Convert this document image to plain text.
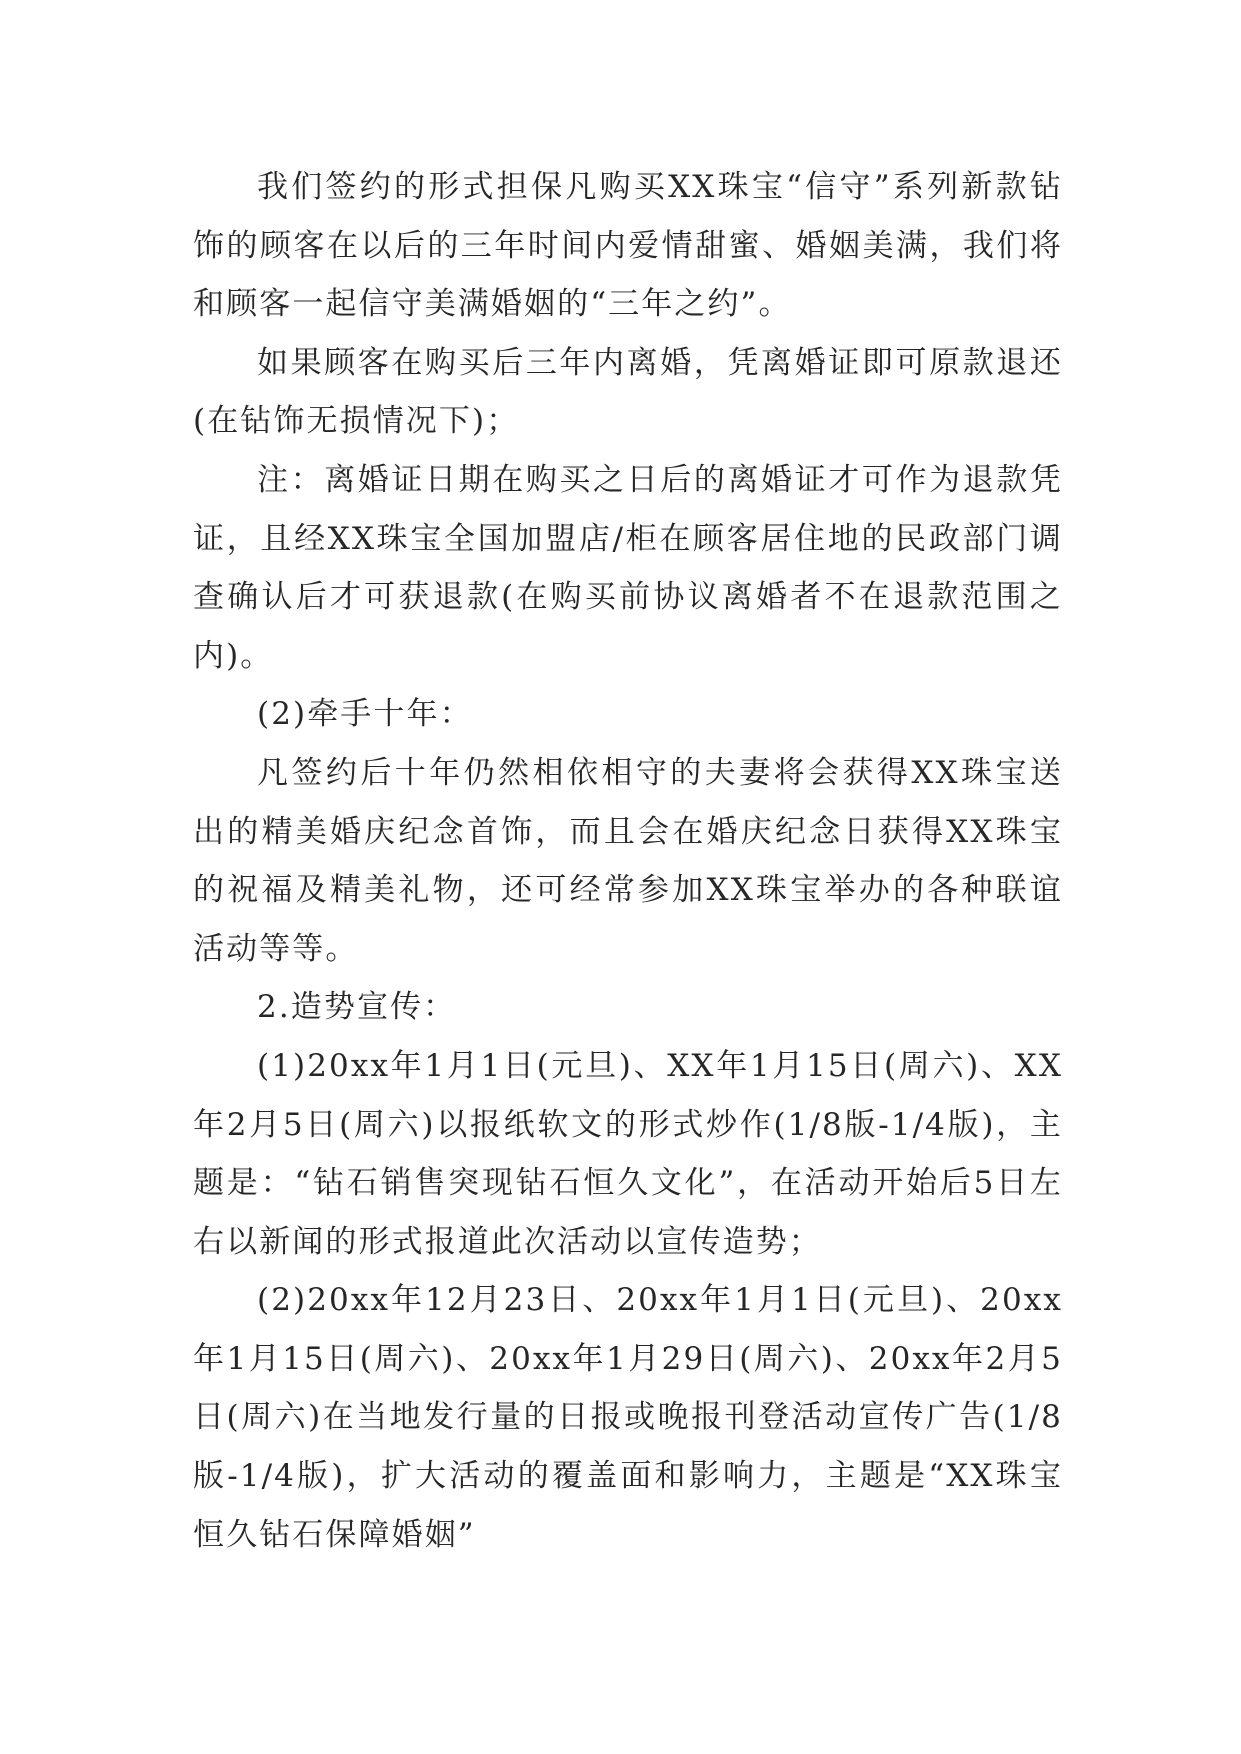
我们签约的形式担保凡购买XX珠宝“信守”系列新款钻饰的顾客在以后的三年时间内爱情甜蜜、婚姻美满，我们将和顾客一起信守美满婚姻的“三年之约”。

如果顾客在购买后三年内离婚，凭离婚证即可原款退还(在钻饰无损情况下)；

注：离婚证日期在购买之日后的离婚证才可作为退款凭证，且经XX珠宝全国加盟店/柜在顾客居住地的民政部门调查确认后才可获退款(在购买前协议离婚者不在退款范围之内)。

(2)牵手十年：

凡签约后十年仍然相依相守的夫妻将会获得XX珠宝送出的精美婚庆纪念首饰，而且会在婚庆纪念日获得XX珠宝的祝福及精美礼物，还可经常参加XX珠宝举办的各种联谊活动等等。

2.造势宣传：

(1)20xx年1月1日(元旦)、XX年1月15日(周六)、XX年2月5日(周六)以报纸软文的形式炒作(1/8版-1/4版)，主题是：“钻石销售突现钻石恒久文化”，在活动开始后5日左右以新闻的形式报道此次活动以宣传造势；

(2)20xx年12月23日、20xx年1月1日(元旦)、20xx年1月15日(周六)、20xx年1月29日(周六)、20xx年2月5日(周六)在当地发行量的日报或晚报刊登活动宣传广告(1/8版-1/4版)，扩大活动的覆盖面和影响力，主题是“XX珠宝恒久钻石保障婚姻”
